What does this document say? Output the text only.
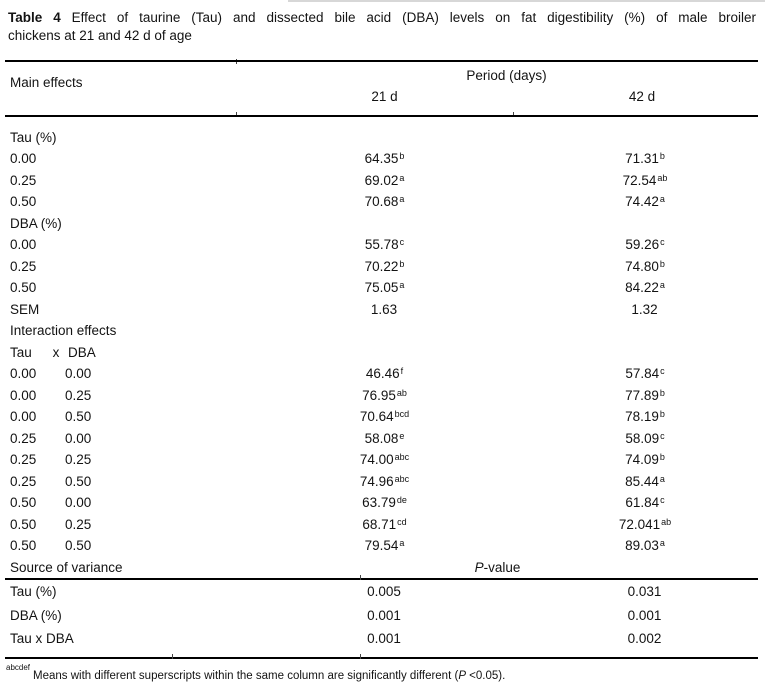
Table 4 Effect of taurine (Tau) and dissected bile acid (DBA) levels on fat digestibility (%) of male broiler
chickens at 21 and 42 d of age
Main effects	Period (days)
21 d	42 d
Tau (%)
0.00	64.35$^b$	71.31$^b$
0.25	69.02$^a$	72.54$^{ab}$
0.50	70.68$^a$	74.42$^a$
DBA (%)
0.00	55.78$^c$	59.26$^c$
0.25	70.22$^b$	74.80$^b$
0.50	75.05$^a$	84.22$^a$
SEM	1.63	1.32
Interaction effects
Tau	x DBA
0.00	0.00	46.46$^f$	57.84$^c$
0.00	0.25	76.95$^{ab}$	77.89$^b$
0.00	0.50	70.64$^{bcd}$	78.19$^b$
0.25	0.00	58.08e	58.09$^c$
0.25	0.25	74.00$^{abc}$	74.09$^b$
0.25	0.50	74.96$^{abc}$	85.44$^a$
0.50	0.00	63.79de	61.84$^c$
0.50	0.25	68.71$^{cd}$	72.041$^{ab}$
0.50	0.50	79.54$^a$	89.03$^a$
Source of variance	P-value
Tau (%)	0.005	0.031
DBA (%)	0.001	0.001
Tau x DBA	0.001	0.002
$^{abcdef}$Means with different superscripts within the same column are significantly different (P <0.05).
